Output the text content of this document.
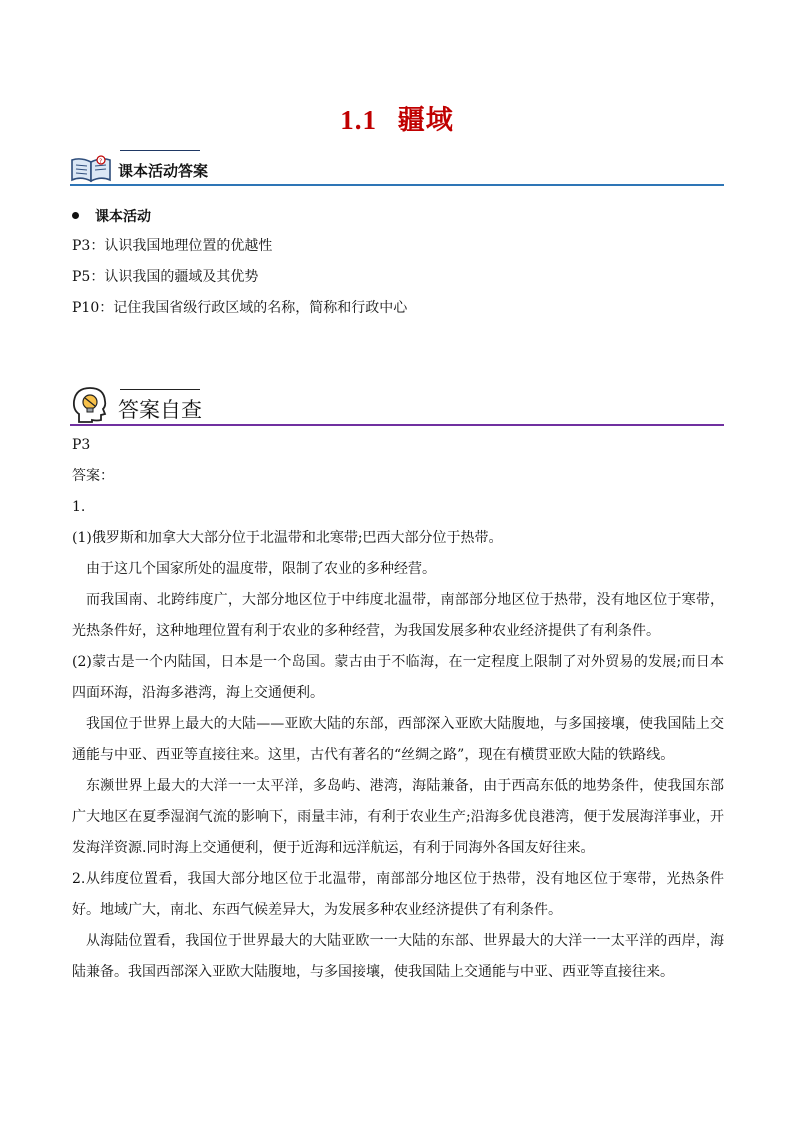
1.1 疆域
?
课本活动答案
课本活动
P3：认识我国地理位置的优越性
P5：认识我国的疆域及其优势
P10：记住我国省级行政区域的名称，简称和行政中心
答案自查

P3

答案：

1.

(1)俄罗斯和加拿大大部分位于北温带和北寒带;巴西大部分位于热带。

由于这几个国家所处的温度带，限制了农业的多种经营。

而我国南、北跨纬度广，大部分地区位于中纬度北温带，南部部分地区位于热带，没有地区位于寒带，光热条件好，这种地理位置有利于农业的多种经营，为我国发展多种农业经济提供了有利条件。

(2)蒙古是一个内陆国，日本是一个岛国。蒙古由于不临海，在一定程度上限制了对外贸易的发展;而日本四面环海，沿海多港湾，海上交通便利。

我国位于世界上最大的大陆——亚欧大陆的东部，西部深入亚欧大陆腹地，与多国接壤，使我国陆上交通能与中亚、西亚等直接往来。这里，古代有著名的“丝绸之路”，现在有横贯亚欧大陆的铁路线。

东濒世界上最大的大洋一一太平洋，多岛屿、港湾，海陆兼备，由于西高东低的地势条件，使我国东部广大地区在夏季湿润气流的影响下，雨量丰沛，有利于农业生产;沿海多优良港湾，便于发展海洋事业，开发海洋资源.同时海上交通便利，便于近海和远洋航运，有利于同海外各国友好往来。

2.从纬度位置看，我国大部分地区位于北温带，南部部分地区位于热带，没有地区位于寒带，光热条件好。地域广大，南北、东西气候差异大，为发展多种农业经济提供了有利条件。

从海陆位置看，我国位于世界最大的大陆亚欧一一大陆的东部、世界最大的大洋一一太平洋的西岸，海陆兼备。我国西部深入亚欧大陆腹地，与多国接壤，使我国陆上交通能与中亚、西亚等直接往来。
